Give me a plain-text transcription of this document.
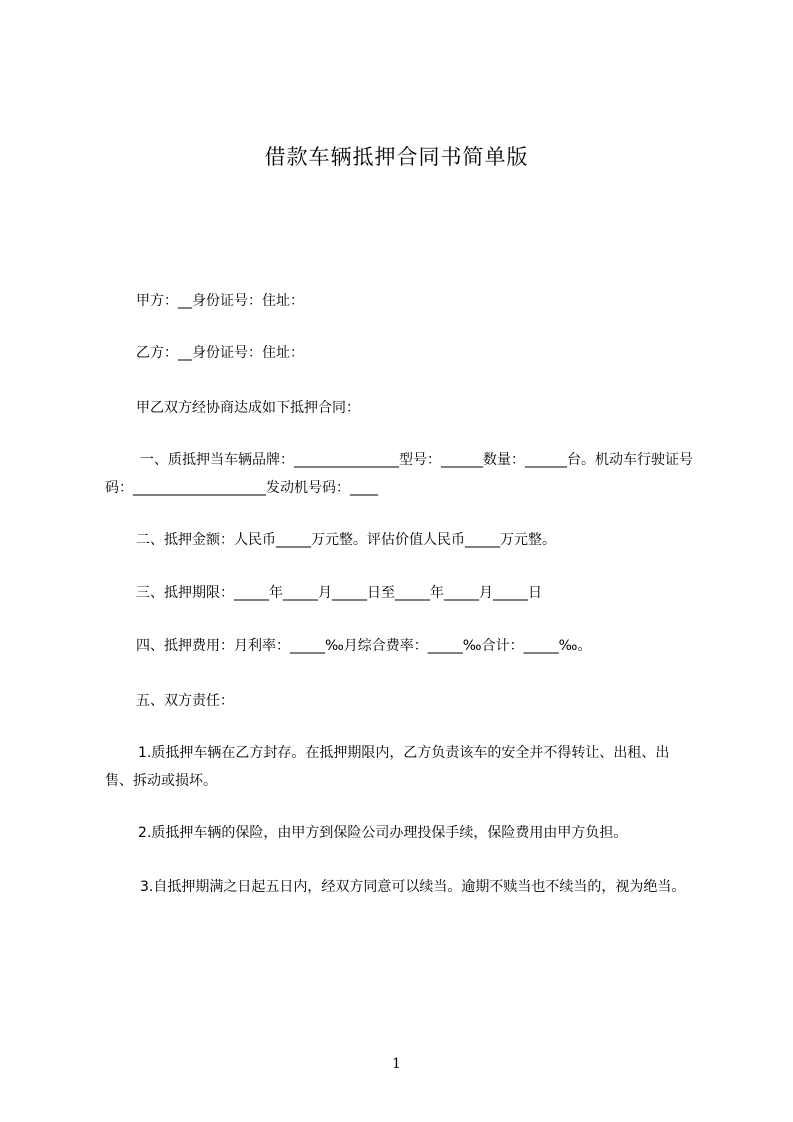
借款车辆抵押合同书简单版

甲方：__身份证号：住址：

乙方：__身份证号：住址：

甲乙双方经协商达成如下抵押合同：

一、质抵押当车辆品牌：_______________型号：______数量：______台。机动车行驶证号码：___________________发动机号码：____

二、抵押金额：人民币_____万元整。评估价值人民币_____万元整。

三、抵押期限：_____年_____月_____日至_____年_____月_____日

四、抵押费用：月利率：_____‰月综合费率：_____‰合计：_____‰。

五、双方责任：

1.质抵押车辆在乙方封存。在抵押期限内，乙方负责该车的安全并不得转让、出租、出售、拆动或损坏。

2.质抵押车辆的保险，由甲方到保险公司办理投保手续，保险费用由甲方负担。

3.自抵押期满之日起五日内，经双方同意可以续当。逾期不赎当也不续当的，视为绝当。

1
